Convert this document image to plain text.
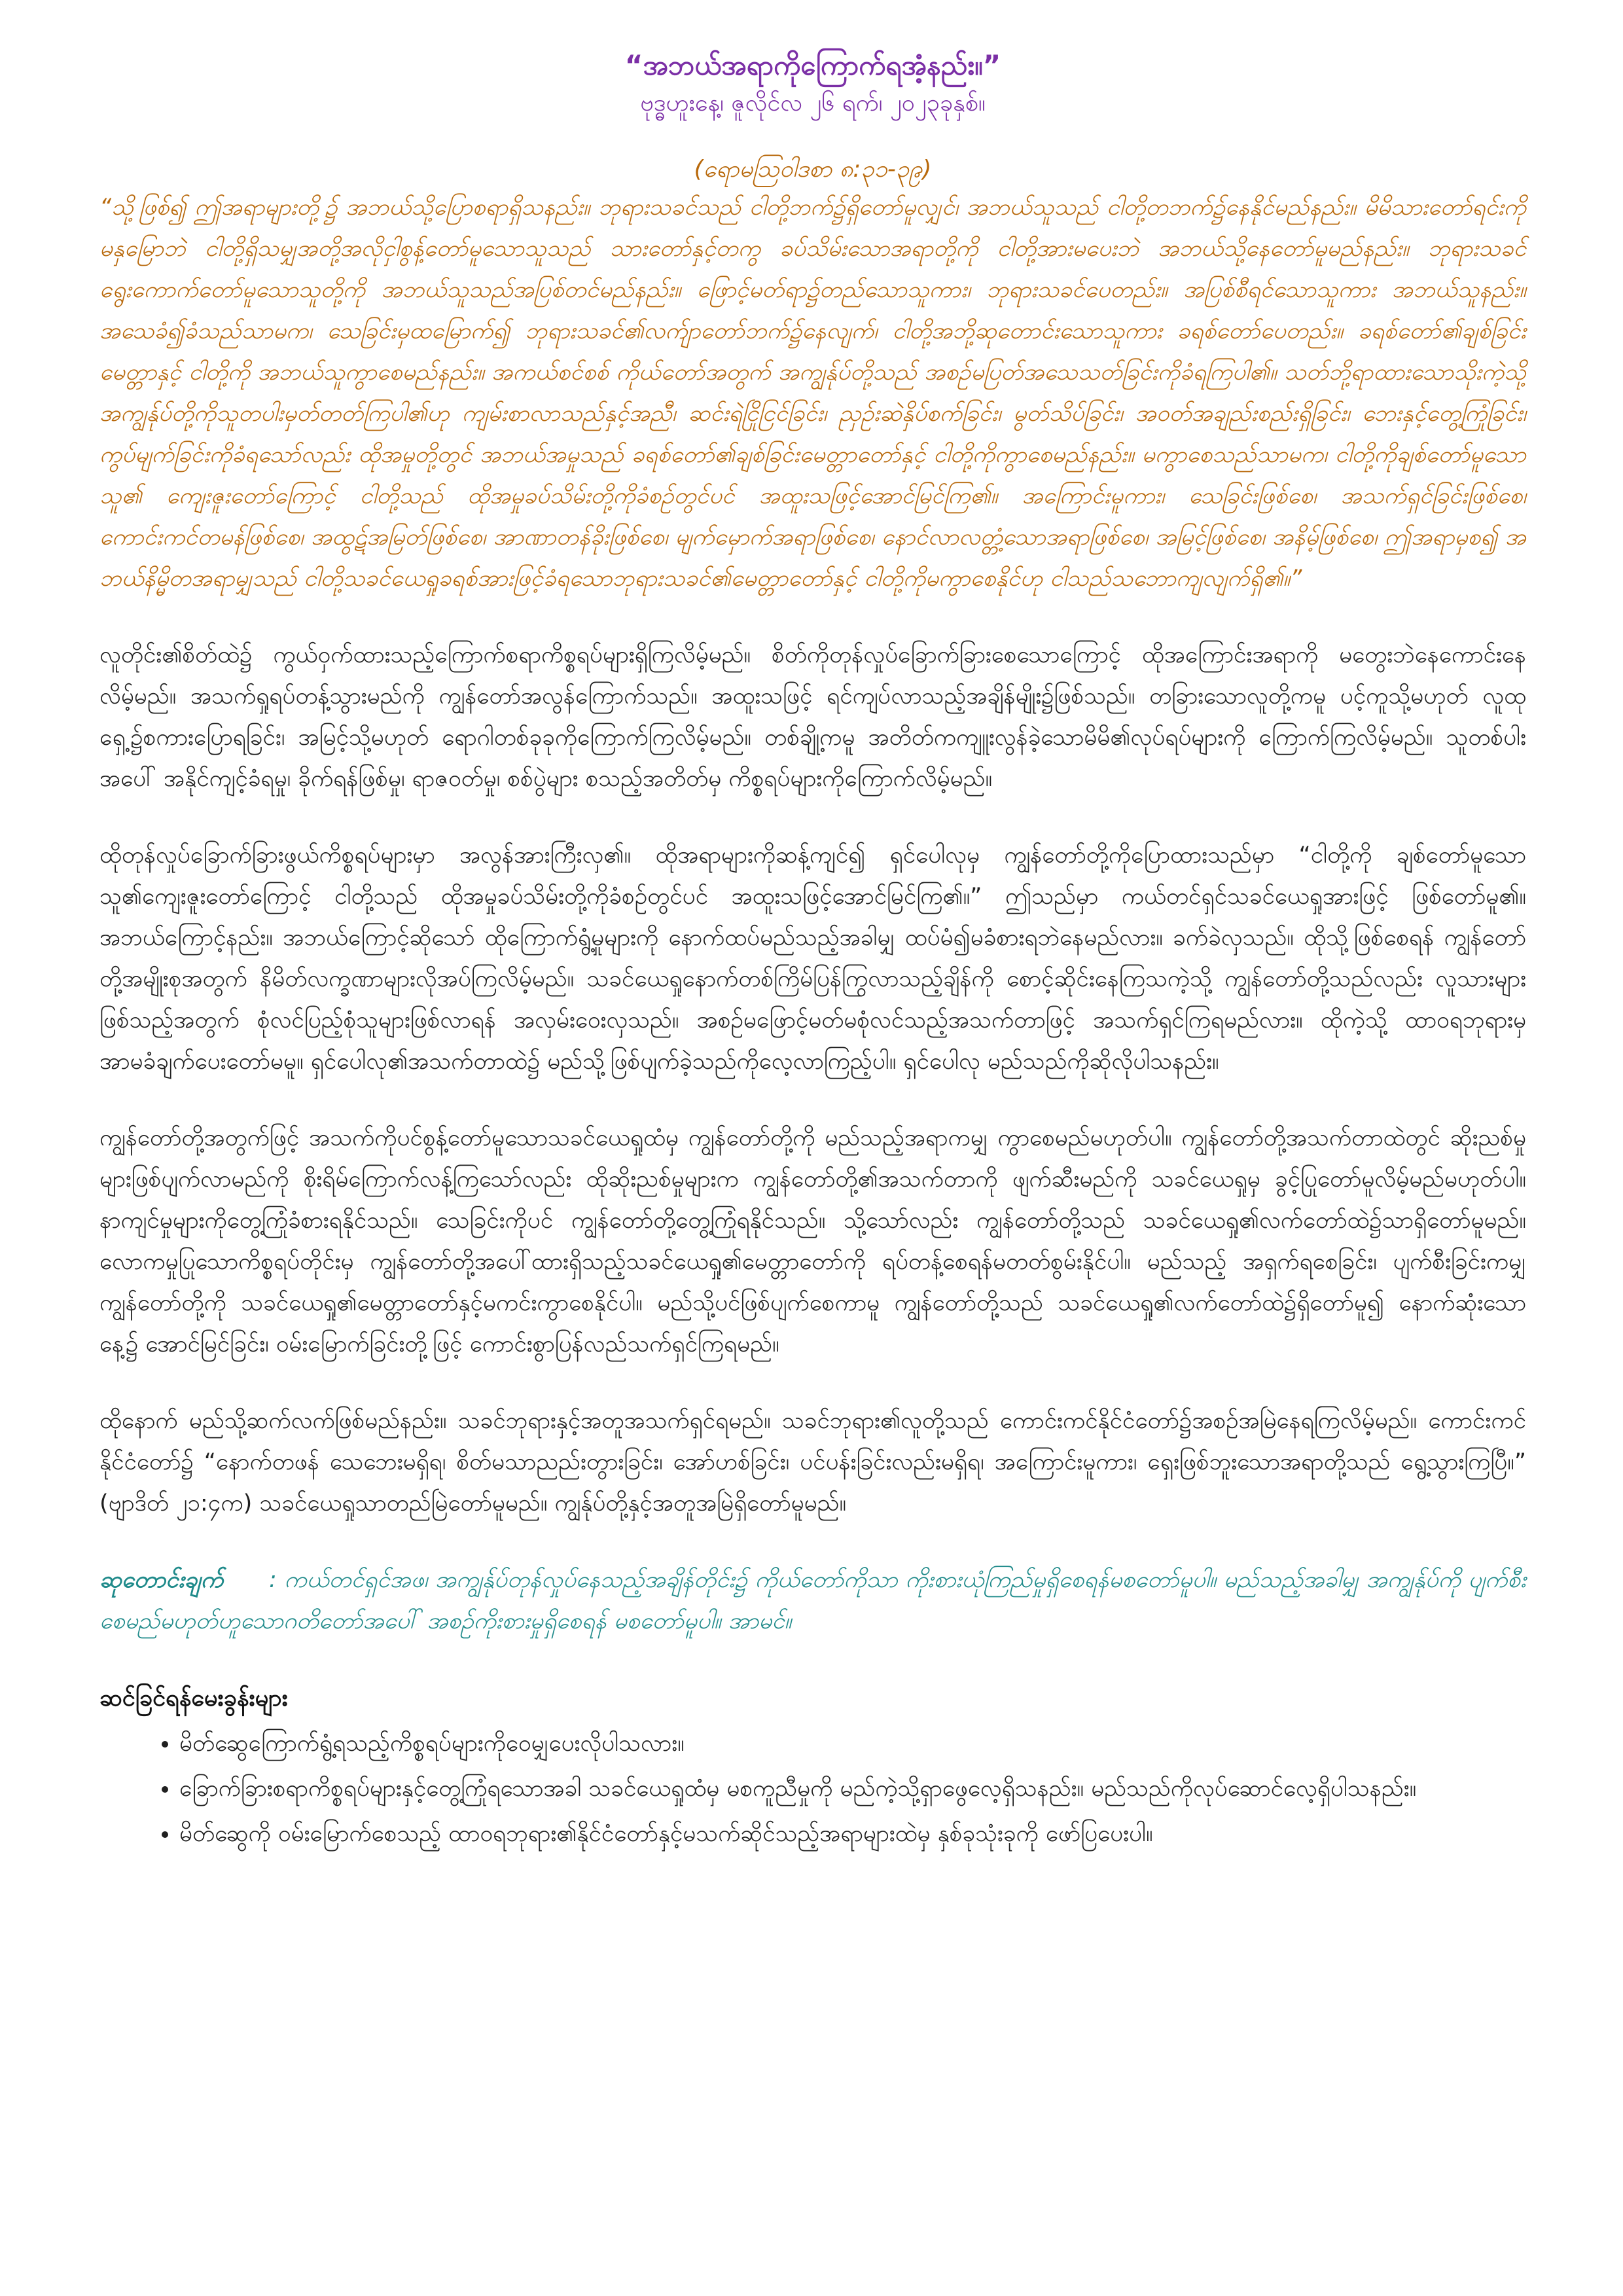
“အဘယ်အရာကိုကြောက်ရအံ့နည်း။”
ဗုဒ္ဓဟူးနေ့၊ ဇူလိုင်လ ၂၆ ရက်၊ ၂၀၂၃ခုနှစ်။
(ရောမဩဝါဒစာ ၈:၃၁-၃၉)
“သို့ဖြစ်၍ ဤအရာများတို့၌ အဘယ်သို့ပြောစရာရှိသနည်း။ ဘုရားသခင်သည် ငါတို့ဘက်၌ရှိတော်မူလျှင်၊ အဘယ်သူသည် ငါတို့တဘက်၌နေနိုင်မည်နည်း။ မိမိသားတော်ရင်းကို မနှမြောဘဲ ငါတို့ရှိသမျှအတို့အလိုငှါစွန့်တော်မူသောသူသည် သားတော်နှင့်တကွ ခပ်သိမ်းသောအရာတို့ကို ငါတို့အားမပေးဘဲ အဘယ်သို့နေတော်မူမည်နည်း။ ဘုရားသခင်ရွေးကောက်တော်မူသောသူတို့ကို အဘယ်သူသည်အပြစ်တင်မည်နည်း။ ဖြောင့်မတ်ရာ၌တည်သောသူကား၊ ဘုရားသခင်ပေတည်း။ အပြစ်စီရင်သောသူကား အဘယ်သူနည်း။ အသေခံ၍ခံသည်သာမက၊ သေခြင်းမှထမြောက်၍ ဘုရားသခင်၏လက်ျာတော်ဘက်၌နေလျက်၊ ငါတို့အဘို့ဆုတောင်းသောသူကား ခရစ်တော်ပေတည်း။ ခရစ်တော်၏ချစ်ခြင်းမေတ္တာနှင့် ငါတို့ကို အဘယ်သူကွာစေမည်နည်း။ အကယ်စင်စစ် ကိုယ်တော်အတွက် အကျွန်ုပ်တို့သည် အစဉ်မပြတ်အသေသတ်ခြင်းကိုခံရကြပါ၏။ သတ်ဘို့ရာထားသောသိုးကဲ့သို့ အကျွန်ုပ်တို့ကိုသူတပါးမှတ်တတ်ကြပါ၏ဟု ကျမ်းစာလာသည်နှင့်အညီ၊ ဆင်းရဲငြိုငြင်ခြင်း၊ ညှဉ်းဆဲနှိပ်စက်ခြင်း၊ မွတ်သိပ်ခြင်း၊ အဝတ်အချည်းစည်းရှိခြင်း၊ ဘေးနှင့်တွေ့ကြုံခြင်း၊ ကွပ်မျက်ခြင်းကိုခံရသော်လည်း ထိုအမှုတို့တွင် အဘယ်အမှုသည် ခရစ်တော်၏ချစ်ခြင်းမေတ္တာတော်နှင့် ငါတို့ကိုကွာစေမည်နည်း။ မကွာစေသည်သာမက၊ ငါတို့ကိုချစ်တော်မူသောသူ၏ ကျေးဇူးတော်ကြောင့် ငါတို့သည် ထိုအမှုခပ်သိမ်းတို့ကိုခံစဉ်တွင်ပင် အထူးသဖြင့်အောင်မြင်ကြ၏။ အကြောင်းမူကား၊ သေခြင်းဖြစ်စေ၊ အသက်ရှင်ခြင်းဖြစ်စေ၊ ကောင်းကင်တမန်ဖြစ်စေ၊ အထွဋ်အမြတ်ဖြစ်စေ၊ အာဏာတန်ခိုးဖြစ်စေ၊ မျက်မှောက်အရာဖြစ်စေ၊ နောင်လာလတ္တံ့သောအရာဖြစ်စေ၊ အမြင့်ဖြစ်စေ၊ အနိမ့်ဖြစ်စေ၊ ဤအရာမှစ၍ အဘယ်နိမ္မိတအရာမျှသည် ငါတို့သခင်ယေရှုခရစ်အားဖြင့်ခံရသောဘုရားသခင်၏မေတ္တာတော်နှင့် ငါတို့ကိုမကွာစေနိုင်ဟု ငါသည်သဘောကျလျက်ရှိ၏။”
လူတိုင်း၏စိတ်ထဲ၌ ကွယ်ဝှက်ထားသည့်ကြောက်စရာကိစ္စရပ်များရှိကြလိမ့်မည်။ စိတ်ကိုတုန်လှုပ်ခြောက်ခြားစေသောကြောင့် ထိုအကြောင်းအရာကို မတွေးဘဲနေကောင်းနေလိမ့်မည်။ အသက်ရှုရပ်တန့်သွားမည်ကို ကျွန်တော်အလွန်ကြောက်သည်။ အထူးသဖြင့် ရင်ကျပ်လာသည့်အချိန်မျိုး၌ဖြစ်သည်။ တခြားသောလူတို့ကမူ ပင့်ကူသို့မဟုတ် လူထုရှေ့၌စကားပြောရခြင်း၊ အမြင့်သို့မဟုတ် ရောဂါတစ်ခုခုကိုကြောက်ကြလိမ့်မည်။ တစ်ချို့ကမူ အတိတ်ကကျူးလွန်ခဲ့သောမိမိ၏လုပ်ရပ်များကို ကြောက်ကြလိမ့်မည်။ သူတစ်ပါးအပေါ် အနိုင်ကျင့်ခံရမှု၊ ခိုက်ရန်ဖြစ်မှု၊ ရာဇဝတ်မှု၊ စစ်ပွဲများ စသည့်အတိတ်မှ ကိစ္စရပ်များကိုကြောက်လိမ့်မည်။
ထိုတုန်လှုပ်ခြောက်ခြားဖွယ်ကိစ္စရပ်များမှာ အလွန်အားကြီးလှ၏။ ထိုအရာများကိုဆန့်ကျင်၍ ရှင်ပေါလုမှ ကျွန်တော်တို့ကိုပြောထားသည်မှာ “ငါတို့ကို ချစ်တော်မူသောသူ၏ကျေးဇူးတော်ကြောင့် ငါတို့သည် ထိုအမှုခပ်သိမ်းတို့ကိုခံစဉ်တွင်ပင် အထူးသဖြင့်အောင်မြင်ကြ၏။” ဤသည်မှာ ကယ်တင်ရှင်သခင်ယေရှုအားဖြင့် ဖြစ်တော်မူ၏။ အဘယ်ကြောင့်နည်း။ အဘယ်ကြောင့်ဆိုသော် ထိုကြောက်ရွံ့မှုများကို နောက်ထပ်မည်သည့်အခါမျှ ထပ်မံ၍မခံစားရဘဲနေမည်လား။ ခက်ခဲလှသည်။ ထိုသို့ဖြစ်စေရန် ကျွန်တော်တို့အမျိုးစုအတွက် နိမိတ်လက္ခဏာများလိုအပ်ကြလိမ့်မည်။ သခင်ယေရှုနောက်တစ်ကြိမ်ပြန်ကြွလာသည့်ချိန်ကို စောင့်ဆိုင်းနေကြသကဲ့သို့ ကျွန်တော်တို့သည်လည်း လူသားများဖြစ်သည့်အတွက် စုံလင်ပြည့်စုံသူများဖြစ်လာရန် အလှမ်းဝေးလှသည်။ အစဉ်မဖြောင့်မတ်မစုံလင်သည့်အသက်တာဖြင့် အသက်ရှင်ကြရမည်လား။ ထိုကဲ့သို့ ထာဝရဘုရားမှ အာမခံချက်ပေးတော်မမူ။ ရှင်ပေါလု၏အသက်တာထဲ၌ မည်သို့ဖြစ်ပျက်ခဲ့သည်ကိုလေ့လာကြည့်ပါ။ ရှင်ပေါလု မည်သည်ကိုဆိုလိုပါသနည်း။
ကျွန်တော်တို့အတွက်ဖြင့် အသက်ကိုပင်စွန့်တော်မူသောသခင်ယေရှုထံမှ ကျွန်တော်တို့ကို မည်သည့်အရာကမျှ ကွာစေမည်မဟုတ်ပါ။ ကျွန်တော်တို့အသက်တာထဲတွင် ဆိုးညစ်မှုများဖြစ်ပျက်လာမည်ကို စိုးရိမ်ကြောက်လန့်ကြသော်လည်း ထိုဆိုးညစ်မှုများက ကျွန်တော်တို့၏အသက်တာကို ဖျက်ဆီးမည်ကို သခင်ယေရှုမှ ခွင့်ပြုတော်မူလိမ့်မည်မဟုတ်ပါ။ နာကျင်မှုများကိုတွေ့ကြုံခံစားရနိုင်သည်။ သေခြင်းကိုပင် ကျွန်တော်တို့တွေ့ကြုံရနိုင်သည်။ သို့သော်လည်း ကျွန်တော်တို့သည် သခင်ယေရှု၏လက်တော်ထဲ၌သာရှိတော်မူမည်။ လောကမှုပြုသောကိစ္စရပ်တိုင်းမှ ကျွန်တော်တို့အပေါ်ထားရှိသည့်သခင်ယေရှု၏မေတ္တာတော်ကို ရပ်တန့်စေရန်မတတ်စွမ်းနိုင်ပါ။ မည်သည့် အရှက်ရစေခြင်း၊ ပျက်စီးခြင်းကမျှ ကျွန်တော်တို့ကို သခင်ယေရှု၏မေတ္တာတော်နှင့်မကင်းကွာစေနိုင်ပါ။ မည်သို့ပင်ဖြစ်ပျက်စေကာမူ ကျွန်တော်တို့သည် သခင်ယေရှု၏လက်တော်ထဲ၌ရှိတော်မူ၍ နောက်ဆုံးသောနေ့၌ အောင်မြင်ခြင်း၊ ဝမ်းမြောက်ခြင်းတို့ဖြင့် ကောင်းစွာပြန်လည်သက်ရှင်ကြရမည်။
ထိုနောက် မည်သို့ဆက်လက်ဖြစ်မည်နည်း။ သခင်ဘုရားနှင့်အတူအသက်ရှင်ရမည်။ သခင်ဘုရား၏လူတို့သည် ကောင်းကင်နိုင်ငံတော်၌အစဉ်အမြဲနေရကြလိမ့်မည်။ ကောင်းကင်နိုင်ငံတော်၌ “နောက်တဖန် သေဘေးမရှိရ၊ စိတ်မသာညည်းတွားခြင်း၊ အော်ဟစ်ခြင်း၊ ပင်ပန်းခြင်းလည်းမရှိရ၊ အကြောင်းမူကား၊ ရှေးဖြစ်ဘူးသောအရာတို့သည် ရွေ့သွားကြပြီ။” (ဗျာဒိတ် ၂၁:၄က) သခင်ယေရှုသာတည်မြဲတော်မူမည်။ ကျွန်ုပ်တို့နှင့်အတူအမြဲရှိတော်မူမည်။
ဆုတောင်းချက် : ကယ်တင်ရှင်အဖ၊ အကျွန်ုပ်တုန်လှုပ်နေသည့်အချိန်တိုင်း၌ ကိုယ်တော်ကိုသာ ကိုးစားယုံကြည်မှုရှိစေရန်မစတော်မူပါ။ မည်သည့်အခါမျှ အကျွန်ုပ်ကို ပျက်စီးစေမည်မဟုတ်ဟူသောဂတိတော်အပေါ် အစဉ်ကိုးစားမှုရှိစေရန် မစတော်မူပါ။ အာမင်။
ဆင်ခြင်ရန်မေးခွန်းများ
• မိတ်ဆွေကြောက်ရွံ့ရသည့်ကိစ္စရပ်များကိုဝေမျှပေးလိုပါသလား။
• ခြောက်ခြားစရာကိစ္စရပ်များနှင့်တွေ့ကြုံရသောအခါ သခင်ယေရှုထံမှ မစကူညီမှုကို မည်ကဲ့သို့ရှာဖွေလေ့ရှိသနည်း။ မည်သည်ကိုလုပ်ဆောင်လေ့ရှိပါသနည်း။
• မိတ်ဆွေကို ဝမ်းမြောက်စေသည့် ထာဝရဘုရား၏နိုင်ငံတော်နှင့်မသက်ဆိုင်သည့်အရာများထဲမှ နှစ်ခုသုံးခုကို ဖော်ပြပေးပါ။
